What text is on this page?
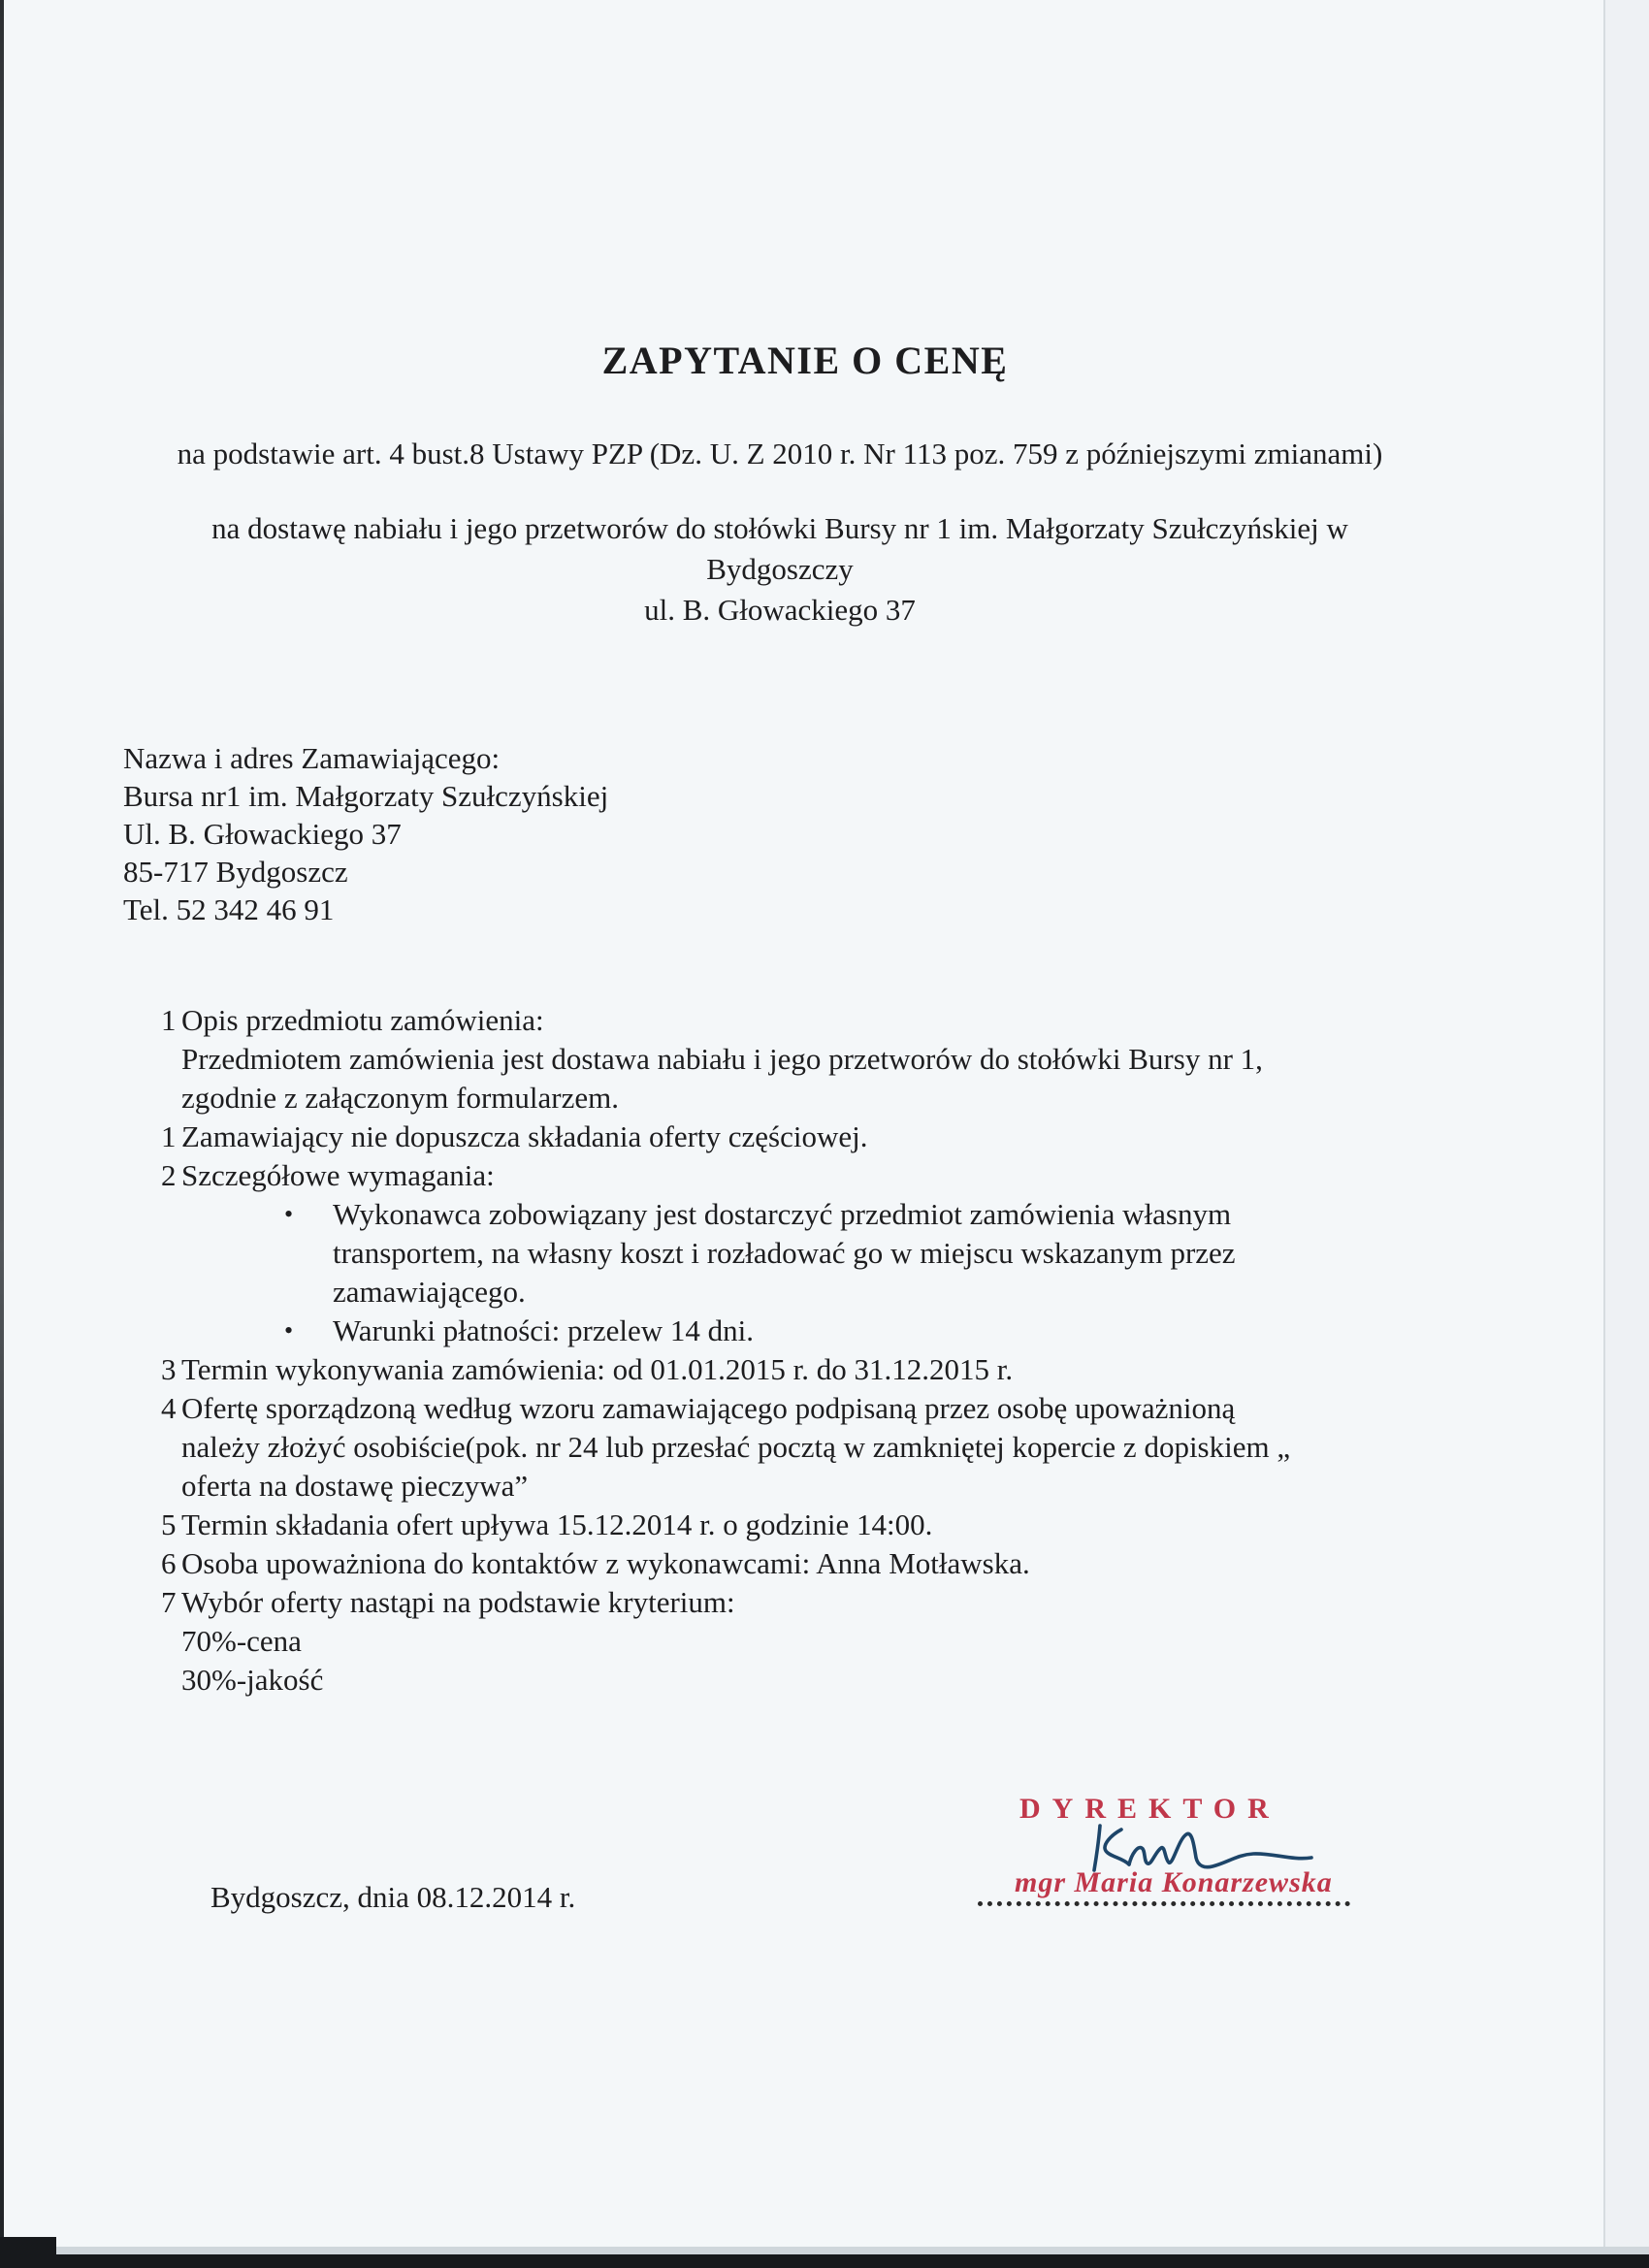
ZAPYTANIE O CENĘ
na podstawie art. 4 bust.8 Ustawy PZP (Dz. U. Z 2010 r. Nr 113 poz. 759 z późniejszymi zmianami)
na dostawę nabiału i jego przetworów do stołówki Bursy nr 1 im. Małgorzaty Szułczyńskiej w
Bydgoszczy
ul. B. Głowackiego 37
Nazwa i adres Zamawiającego:
Bursa nr1 im. Małgorzaty Szułczyńskiej
Ul. B. Głowackiego 37
85-717 Bydgoszcz
Tel. 52 342 46 91
1 Opis przedmiotu zamówienia:
Przedmiotem zamówienia jest dostawa nabiału i jego przetworów do stołówki Bursy nr 1,
zgodnie z załączonym formularzem.
1 Zamawiający nie dopuszcza składania oferty częściowej.
2 Szczegółowe wymagania:
• Wykonawca zobowiązany jest dostarczyć przedmiot zamówienia własnym
transportem, na własny koszt i rozładować go w miejscu wskazanym przez
zamawiającego.
• Warunki płatności: przelew 14 dni.
3 Termin wykonywania zamówienia: od 01.01.2015 r. do 31.12.2015 r.
4 Ofertę sporządzoną według wzoru zamawiającego podpisaną przez osobę upoważnioną
należy złożyć osobiście(pok. nr 24 lub przesłać pocztą w zamkniętej kopercie z dopiskiem „
oferta na dostawę pieczywa”
5 Termin składania ofert upływa 15.12.2014 r. o godzinie 14:00.
6 Osoba upoważniona do kontaktów z wykonawcami: Anna Motławska.
7 Wybór oferty nastąpi na podstawie kryterium:
70%-cena
30%-jakość
DYREKTOR
mgr Maria Konarzewska
Bydgoszcz, dnia 08.12.2014 r.
